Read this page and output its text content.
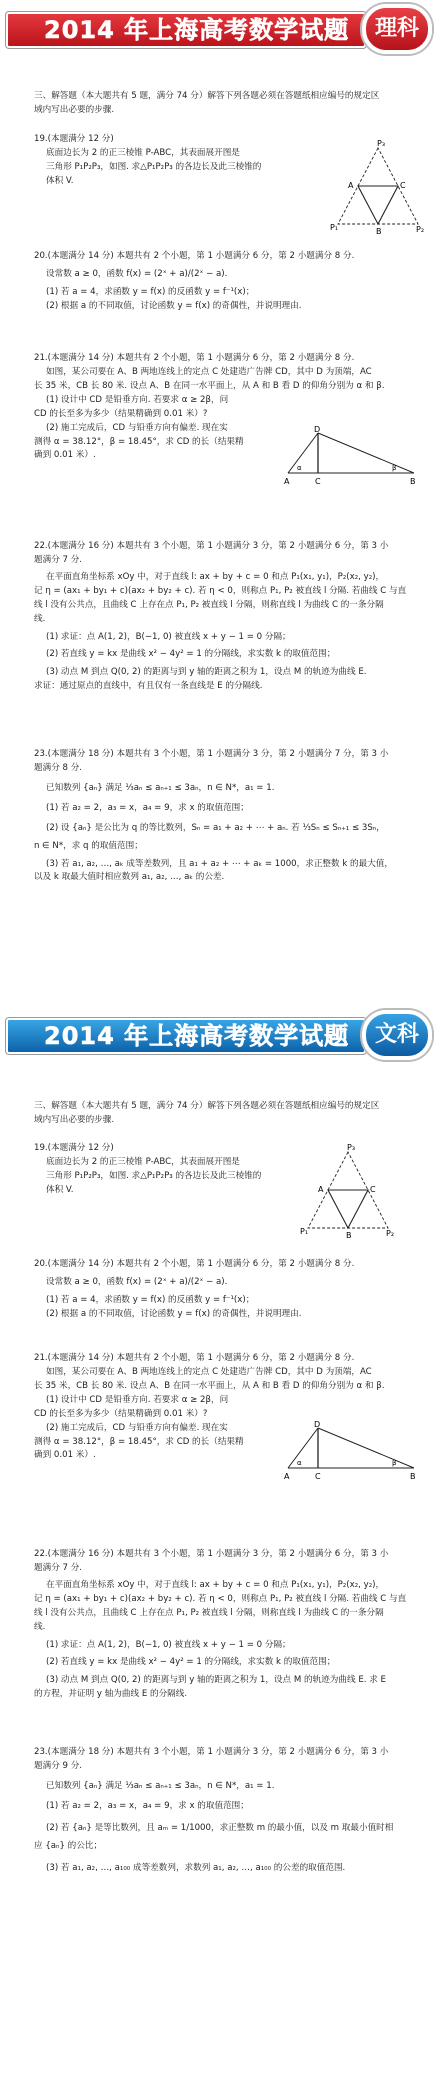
2014 年上海高考数学试题	理科
三、解答题（本大题共有 5 题，满分 74 分）解答下列各题必须在答题纸相应编号的规定区
域内写出必要的步骤.
19.(本题满分 12 分)
底面边长为 2 的正三棱锥 P-ABC，其表面展开图是
三角形 P₁P₂P₃，如图. 求△P₁P₂P₃ 的各边长及此三棱锥的
体积 V.
P₃
P₁	P₂
A	C
B
20.(本题满分 14 分) 本题共有 2 个小题，第 1 小题满分 6 分，第 2 小题满分 8 分.
设常数 a ≥ 0，函数 f(x) = (2ˣ + a)/(2ˣ − a).
(1) 若 a = 4，求函数 y = f(x) 的反函数 y = f⁻¹(x)；
(2) 根据 a 的不同取值，讨论函数 y = f(x) 的奇偶性，并说明理由.
21.(本题满分 14 分) 本题共有 2 个小题，第 1 小题满分 6 分，第 2 小题满分 8 分.
如图，某公司要在 A、B 两地连线上的定点 C 处建造广告牌 CD，其中 D 为顶端，AC
长 35 米，CB 长 80 米. 设点 A、B 在同一水平面上，从 A 和 B 看 D 的仰角分别为 α 和 β.
(1) 设计中 CD 是铅垂方向. 若要求 α ≥ 2β，问
CD 的长至多为多少（结果精确到 0.01 米）?
(2) 施工完成后，CD 与铅垂方向有偏差. 现在实
测得 α = 38.12°，β = 18.45°，求 CD 的长（结果精
确到 0.01 米）.
D
A	C	B
α	β
22.(本题满分 16 分) 本题共有 3 个小题，第 1 小题满分 3 分，第 2 小题满分 6 分，第 3 小
题满分 7 分.
在平面直角坐标系 xOy 中，对于直线 l: ax + by + c = 0 和点 P₁(x₁, y₁)，P₂(x₂, y₂)，
记 η = (ax₁ + by₁ + c)(ax₂ + by₂ + c). 若 η < 0，则称点 P₁, P₂ 被直线 l 分隔. 若曲线 C 与直
线 l 没有公共点，且曲线 C 上存在点 P₁, P₂ 被直线 l 分隔，则称直线 l 为曲线 C 的一条分隔
线.
(1) 求证：点 A(1, 2)，B(−1, 0) 被直线 x + y − 1 = 0 分隔；
(2) 若直线 y = kx 是曲线 x² − 4y² = 1 的分隔线，求实数 k 的取值范围；
(3) 动点 M 到点 Q(0, 2) 的距离与到 y 轴的距离之积为 1，设点 M 的轨迹为曲线 E.
求证：通过原点的直线中，有且仅有一条直线是 E 的分隔线.
23.(本题满分 18 分) 本题共有 3 个小题，第 1 小题满分 3 分，第 2 小题满分 7 分，第 3 小
题满分 8 分.
已知数列 {aₙ} 满足 ⅓aₙ ≤ aₙ₊₁ ≤ 3aₙ，n ∈ N*，a₁ = 1.
(1) 若 a₂ = 2，a₃ = x，a₄ = 9，求 x 的取值范围；
(2) 设 {aₙ} 是公比为 q 的等比数列，Sₙ = a₁ + a₂ + ⋯ + aₙ. 若 ⅓Sₙ ≤ Sₙ₊₁ ≤ 3Sₙ，
n ∈ N*，求 q 的取值范围；
(3) 若 a₁, a₂, …, aₖ 成等差数列，且 a₁ + a₂ + ⋯ + aₖ = 1000，求正整数 k 的最大值，
以及 k 取最大值时相应数列 a₁, a₂, …, aₖ 的公差.
2014 年上海高考数学试题	文科
三、解答题（本大题共有 5 题，满分 74 分）解答下列各题必须在答题纸相应编号的规定区
域内写出必要的步骤.
19.(本题满分 12 分)
底面边长为 2 的正三棱锥 P-ABC，其表面展开图是
三角形 P₁P₂P₃，如图. 求△P₁P₂P₃ 的各边长及此三棱锥的
体积 V.
P₃
P₁	P₂
A	C
B
20.(本题满分 14 分) 本题共有 2 个小题，第 1 小题满分 6 分，第 2 小题满分 8 分.
设常数 a ≥ 0，函数 f(x) = (2ˣ + a)/(2ˣ − a).
(1) 若 a = 4，求函数 y = f(x) 的反函数 y = f⁻¹(x)；
(2) 根据 a 的不同取值，讨论函数 y = f(x) 的奇偶性，并说明理由.
21.(本题满分 14 分) 本题共有 2 个小题，第 1 小题满分 6 分，第 2 小题满分 8 分.
如图，某公司要在 A、B 两地连线上的定点 C 处建造广告牌 CD，其中 D 为顶端，AC
长 35 米，CB 长 80 米. 设点 A、B 在同一水平面上，从 A 和 B 看 D 的仰角分别为 α 和 β.
(1) 设计中 CD 是铅垂方向. 若要求 α ≥ 2β，问
CD 的长至多为多少（结果精确到 0.01 米）?
(2) 施工完成后，CD 与铅垂方向有偏差. 现在实
测得 α = 38.12°，β = 18.45°，求 CD 的长（结果精
确到 0.01 米）.
D
A	C	B
α	β
22.(本题满分 16 分) 本题共有 3 个小题，第 1 小题满分 3 分，第 2 小题满分 6 分，第 3 小
题满分 7 分.
在平面直角坐标系 xOy 中，对于直线 l: ax + by + c = 0 和点 P₁(x₁, y₁)，P₂(x₂, y₂)，
记 η = (ax₁ + by₁ + c)(ax₂ + by₂ + c). 若 η < 0，则称点 P₁, P₂ 被直线 l 分隔. 若曲线 C 与直
线 l 没有公共点，且曲线 C 上存在点 P₁, P₂ 被直线 l 分隔，则称直线 l 为曲线 C 的一条分隔
线.
(1) 求证：点 A(1, 2)，B(−1, 0) 被直线 x + y − 1 = 0 分隔；
(2) 若直线 y = kx 是曲线 x² − 4y² = 1 的分隔线，求实数 k 的取值范围；
(3) 动点 M 到点 Q(0, 2) 的距离与到 y 轴的距离之积为 1，设点 M 的轨迹为曲线 E. 求 E
的方程，并证明 y 轴为曲线 E 的分隔线.
23.(本题满分 18 分) 本题共有 3 个小题，第 1 小题满分 3 分，第 2 小题满分 6 分，第 3 小
题满分 9 分.
已知数列 {aₙ} 满足 ⅓aₙ ≤ aₙ₊₁ ≤ 3aₙ，n ∈ N*，a₁ = 1.
(1) 若 a₂ = 2，a₃ = x，a₄ = 9，求 x 的取值范围；
(2) 若 {aₙ} 是等比数列，且 aₘ = 1/1000，求正整数 m 的最小值，以及 m 取最小值时相
应 {aₙ} 的公比；
(3) 若 a₁, a₂, …, a₁₀₀ 成等差数列，求数列 a₁, a₂, …, a₁₀₀ 的公差的取值范围.
